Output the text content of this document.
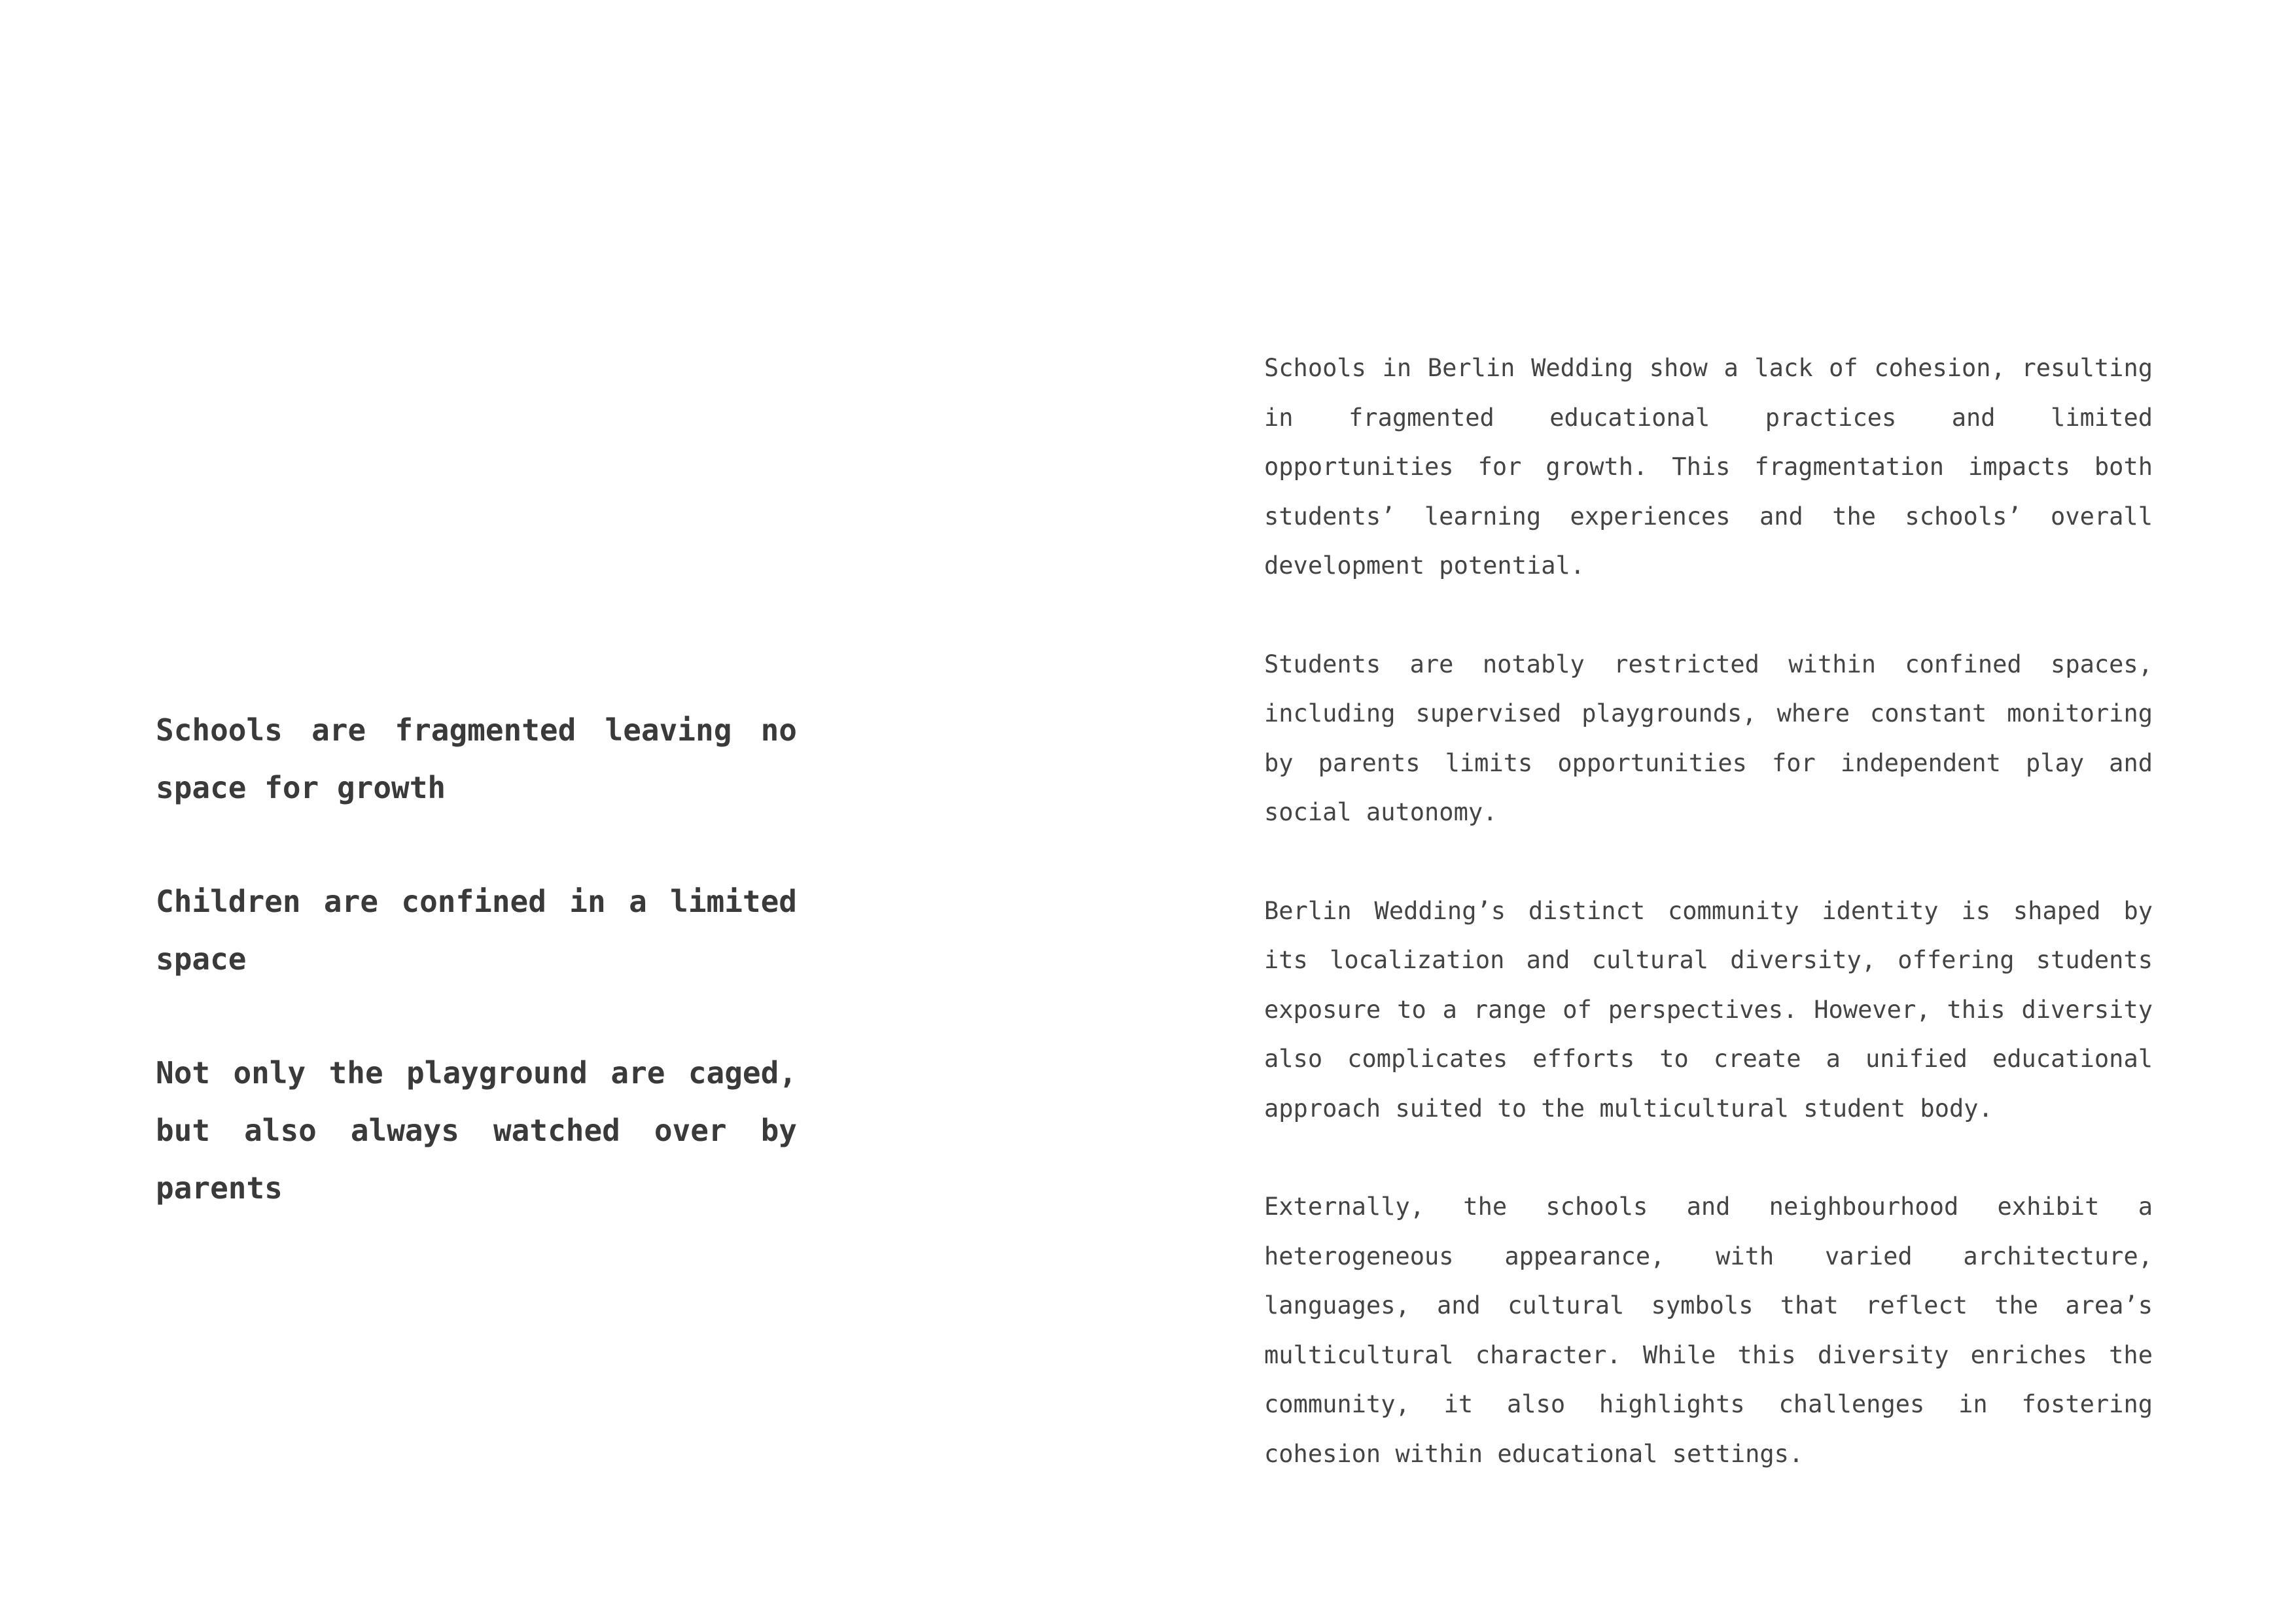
Schools are fragmented leaving no space for growth

Children are confined in a limited space

Not only the playground are caged, but also always watched over by parents

Schools in Berlin Wedding show a lack of cohesion, resulting in fragmented educational practices and limited opportunities for growth. This fragmentation impacts both students’ learning experiences and the schools’ overall development potential.

Students are notably restricted within confined spaces, including supervised playgrounds, where constant monitoring by parents limits opportunities for independent play and social autonomy.

Berlin Wedding’s distinct community identity is shaped by its localization and cultural diversity, offering students exposure to a range of perspectives. However, this diversity also complicates efforts to create a unified educational approach suited to the multicultural student body.

Externally, the schools and neighbourhood exhibit a heterogeneous appearance, with varied architecture, languages, and cultural symbols that reflect the area’s multicultural character. While this diversity enriches the community, it also highlights challenges in fostering cohesion within educational settings.
